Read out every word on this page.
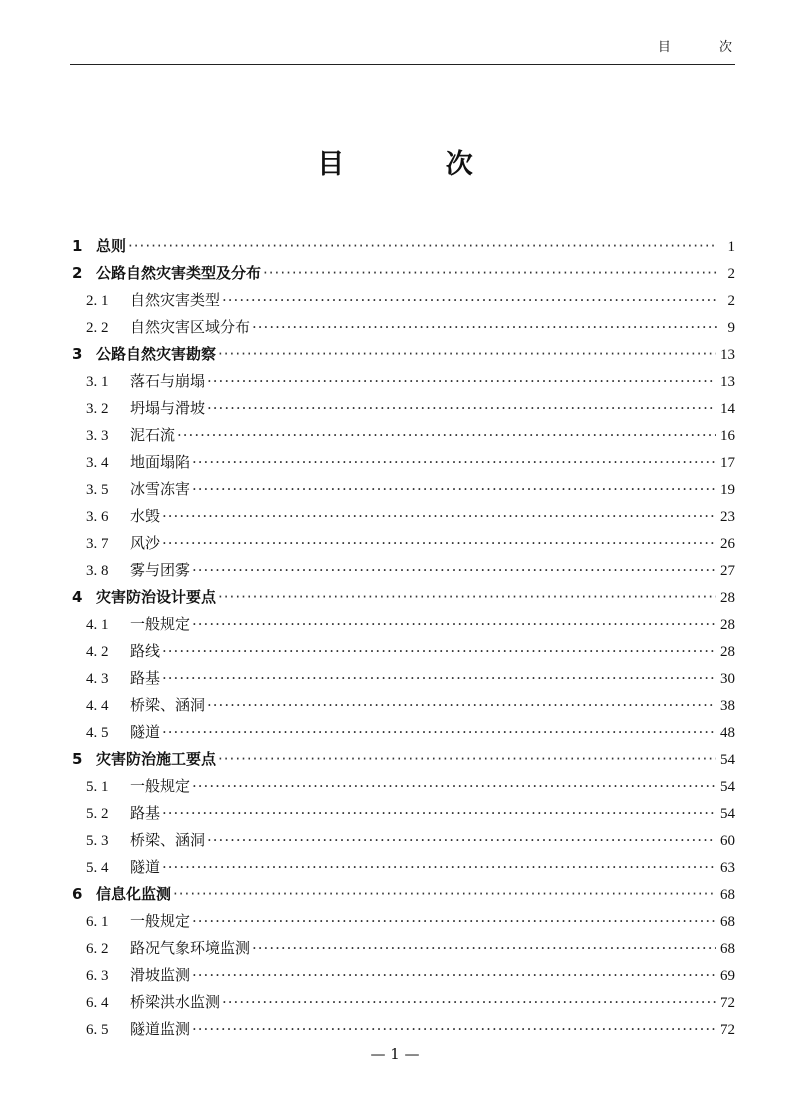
目 次
目 次
1 总则 ·····	1
2 公路自然灾害类型及分布 ·····	2
2. 1	自然灾害类型 ·····	2
2. 2	自然灾害区域分布 ·····	9
3 公路自然灾害勘察 ·····	13
3. 1	落石与崩塌 ·····	13
3. 2	坍塌与滑坡 ·····	14
3. 3	泥石流 ·····	16
3. 4	地面塌陷 ·····	17
3. 5	冰雪冻害 ·····	19
3. 6	水毁 ·····	23
3. 7	风沙 ·····	26
3. 8	雾与团雾 ·····	27
4 灾害防治设计要点 ·····	28
4. 1	一般规定 ·····	28
4. 2	路线 ·····	28
4. 3	路基 ·····	30
4. 4	桥梁、涵洞 ·····	38
4. 5	隧道 ·····	48
5 灾害防治施工要点 ·····	54
5. 1	一般规定 ·····	54
5. 2	路基 ·····	54
5. 3	桥梁、涵洞 ·····	60
5. 4	隧道 ·····	63
6 信息化监测 ·····	68
6. 1	一般规定 ·····	68
6. 2	路况气象环境监测 ·····	68
6. 3	滑坡监测 ·····	69
6. 4	桥梁洪水监测 ·····	72
6. 5	隧道监测 ·····	72
— 1 —
